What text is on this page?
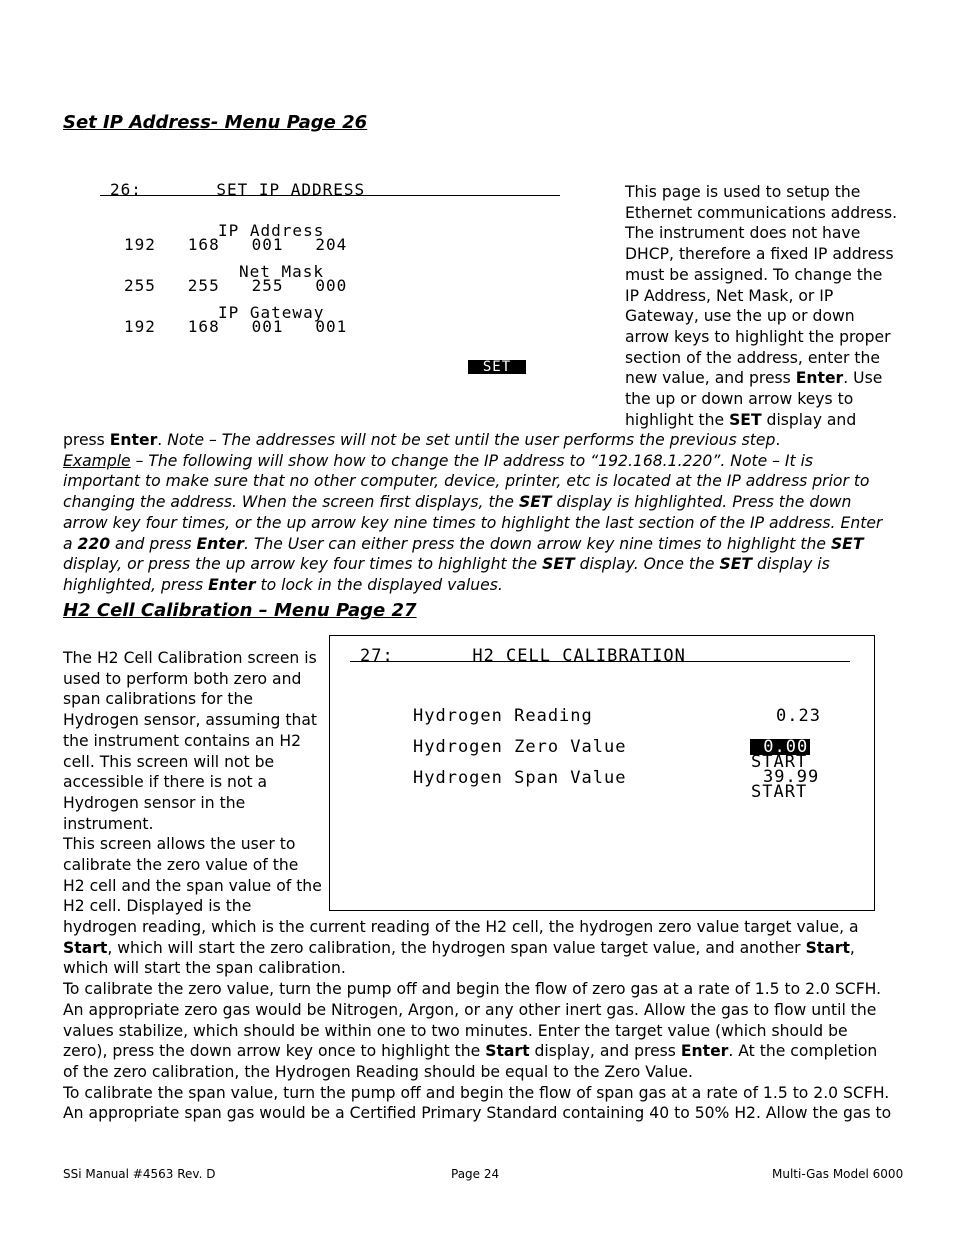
Set IP Address- Menu Page 26
26:       SET IP ADDRESS
IP Address
192   168   001   204
Net Mask
255   255   255   000
IP Gateway
192   168   001   001
SET
This page is used to setup the
Ethernet communications address.
The instrument does not have
DHCP, therefore a fixed IP address
must be assigned. To change the
IP Address, Net Mask, or IP
Gateway, use the up or down
arrow keys to highlight the proper
section of the address, enter the
new value, and press Enter. Use
the up or down arrow keys to
highlight the SET display and

press Enter. Note – The addresses will not be set until the user performs the previous step.

Example – The following will show how to change the IP address to “192.168.1.220”. Note – It is important to make sure that no other computer, device, printer, etc is located at the IP address prior to changing the address. When the screen first displays, the SET display is highlighted. Press the down arrow key four times, or the up arrow key nine times to highlight the last section of the IP address. Enter a 220 and press Enter. The User can either press the down arrow key nine times to highlight the SET display, or press the up arrow key four times to highlight the SET display. Once the SET display is highlighted, press Enter to lock in the displayed values.

H2 Cell Calibration – Menu Page 27
27:       H2 CELL CALIBRATION
Hydrogen Reading	0.23
Hydrogen Zero Value	0.00
START
Hydrogen Span Value	39.99
START
The H2 Cell Calibration screen is
used to perform both zero and
span calibrations for the
Hydrogen sensor, assuming that
the instrument contains an H2
cell. This screen will not be
accessible if there is not a
Hydrogen sensor in the
instrument.
This screen allows the user to
calibrate the zero value of the
H2 cell and the span value of the
H2 cell. Displayed is the

hydrogen reading, which is the current reading of the H2 cell, the hydrogen zero value target value, a Start, which will start the zero calibration, the hydrogen span value target value, and another Start, which will start the span calibration.

To calibrate the zero value, turn the pump off and begin the flow of zero gas at a rate of 1.5 to 2.0 SCFH. An appropriate zero gas would be Nitrogen, Argon, or any other inert gas. Allow the gas to flow until the values stabilize, which should be within one to two minutes. Enter the target value (which should be zero), press the down arrow key once to highlight the Start display, and press Enter. At the completion of the zero calibration, the Hydrogen Reading should be equal to the Zero Value.

To calibrate the span value, turn the pump off and begin the flow of span gas at a rate of 1.5 to 2.0 SCFH. An appropriate span gas would be a Certified Primary Standard containing 40 to 50% H2. Allow the gas to

SSi Manual #4563 Rev. D	Page 24	Multi-Gas Model 6000
